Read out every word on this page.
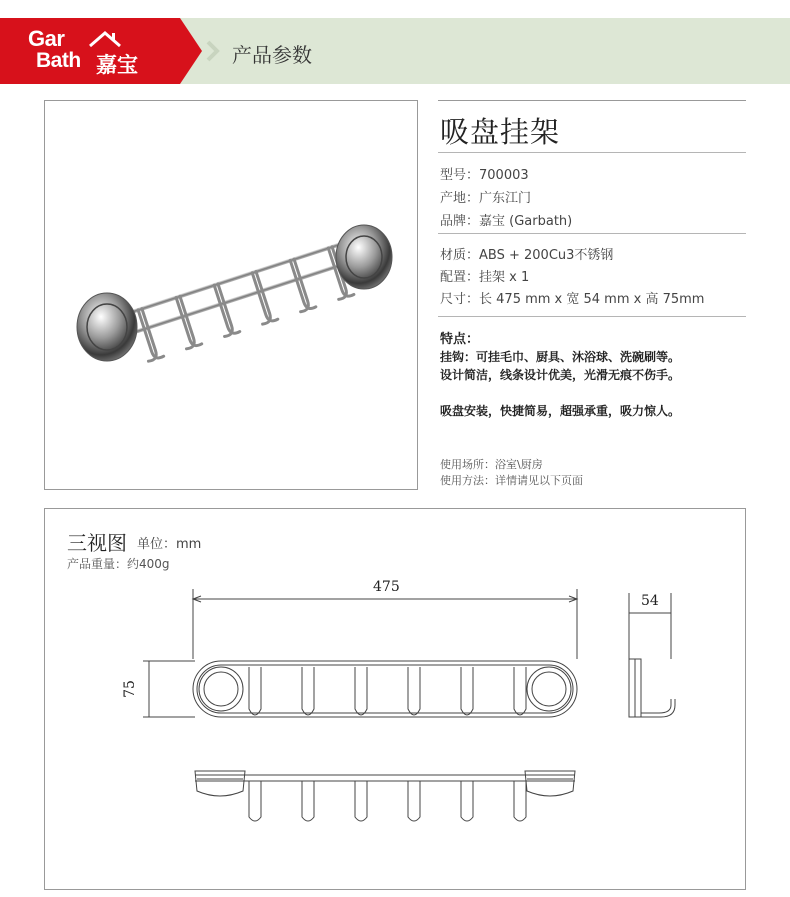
Gar
Bath 嘉宝	产品参数
吸盘挂架
型号：700003
产地：广东江门
品牌：嘉宝 (Garbath)
材质：ABS + 200Cu3不锈钢
配置：挂架 x 1
尺寸：长 475 mm x 宽 54 mm x 高 75mm
特点：
挂钩：可挂毛巾、厨具、沐浴球、洗碗刷等。
设计简洁，线条设计优美，光滑无痕不伤手。
吸盘安装，快捷简易，超强承重，吸力惊人。
使用场所：浴室\厨房
使用方法：详情请见以下页面
三视图 单位：mm
产品重量：约400g
475
75
54
